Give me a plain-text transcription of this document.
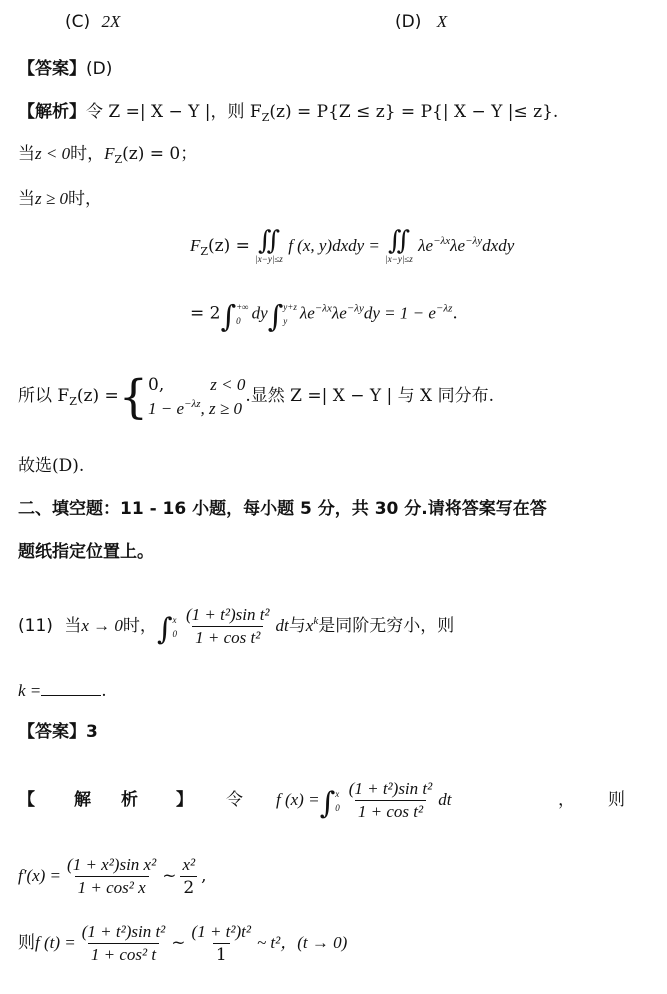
(C) 2X	(D) X
【答案】(D)
【解析】令 Z =| X − Y |，则 $F_Z(z) = P\{Z \le z\} = P\{|$ X − Y |≤ z}.
当z < 0时，$F_Z(z) = 0$；
当z ≥ 0时，
$F_Z(z)$ = ∬
|x−y|≤z
f (x, y)dxdy = ∬
|x−y|≤z
$\lambda e^{-\lambda x}\lambda e^{-\lambda y}dxdy$
= 2∫ +∞
0 dy∫ y+z
y $\lambda e^{-\lambda x}\lambda e^{-\lambda y}dy = 1 - e^{-\lambda z}$.
所以 $F_Z(z)$ ={ 0,	z < 0
$1 - e^{-\lambda z}$, z ≥ 0
.显然 Z =| X − Y | 与 X 同分布.
故选(D).
二、填空题：11 - 16 小题，每小题 5 分，共 30 分.请将答案写在答
题纸指定位置上。
(11) 当x → 0时，∫ x
$0 \frac{\text{(1 + t²)sin t²}}{\text{1 + cos t²}}$ dt与$x^k$是同阶无穷小，则
k =	.
【答案】3
【 解 析 】 令 f (x) =∫ x
$0 \frac{\text{(1 + t²)sin t²}}{\text{1 + cos t²}}$ dt	， 则
$f'(x) = \frac{\text{(1 + x²)sin x²}}{\text{1 + cos² x}}$ ~ $\frac{\text{x²}}{2}$ ,
则f $(t) = \frac{\text{(1 + t²)sin t²}}{\text{1 + cos² t}}$ ~ $\frac{\text{(1 + t²)t²}}{1}$ ~ t²，(t → 0)
